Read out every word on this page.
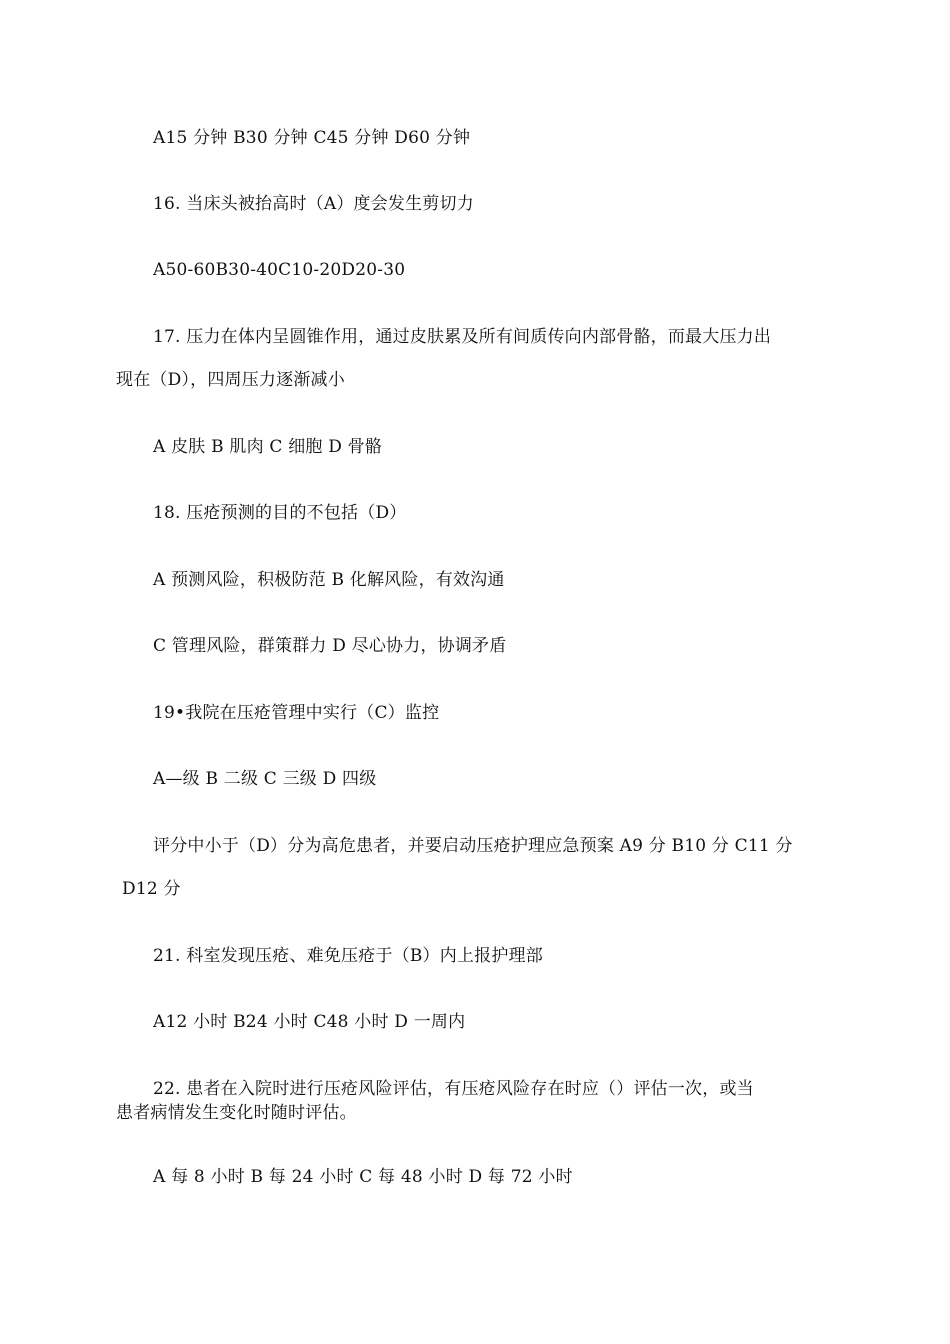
A15 分钟 B30 分钟 C45 分钟 D60 分钟

16. 当床头被抬高时（A）度会发生剪切力

A50-60B30-40C10-20D20-30

17. 压力在体内呈圆锥作用，通过皮肤累及所有间质传向内部骨骼，而最大压力出

现在（D），四周压力逐渐减小

A 皮肤 B 肌肉 C 细胞 D 骨骼

18. 压疮预测的目的不包括（D）

A 预测风险，积极防范 B 化解风险，有效沟通

C 管理风险，群策群力 D 尽心协力，协调矛盾

19•我院在压疮管理中实行（C）监控

A—级 B 二级 C 三级 D 四级

评分中小于（D）分为高危患者，并要启动压疮护理应急预案 A9 分 B10 分 C11 分

D12 分

21. 科室发现压疮、难免压疮于（B）内上报护理部

A12 小时 B24 小时 C48 小时 D 一周内

22. 患者在入院时进行压疮风险评估，有压疮风险存在时应（）评估一次，或当

患者病情发生变化时随时评估。

A 每 8 小时 B 每 24 小时 C 每 48 小时 D 每 72 小时
